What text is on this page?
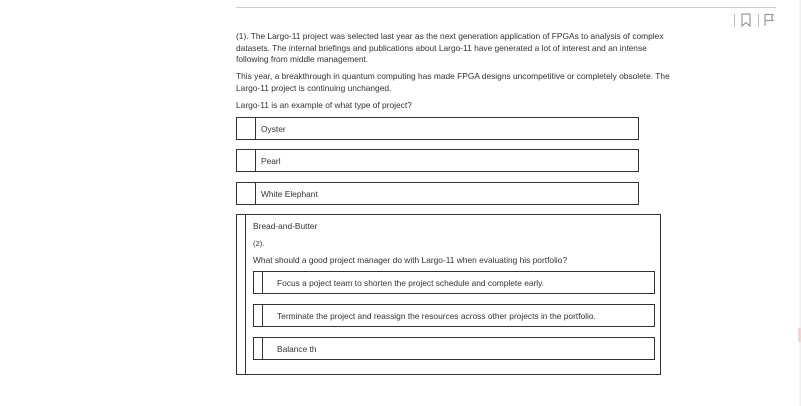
(1). The Largo-11 project was selected last year as the next generation application of FPGAs to analysis of complex datasets. The internal briefings and publications about Largo-11 have generated a lot of interest and an intense following from middle management.

This year, a breakthrough in quantum computing has made FPGA designs uncompetitive or completely obsolete. The Largo-11 project is continuing unchanged.

Largo-11 is an example of what type of project?

Oyster
Pearl
White Elephant
Bread-and-Butter
(2).
What should a good project manager do with Largo-11 when evaluating his portfolio?
Focus a poject team to shorten the project schedule and complete early.
Terminate the project and reassign the resources across other projects in the portfolio.
Balance th
